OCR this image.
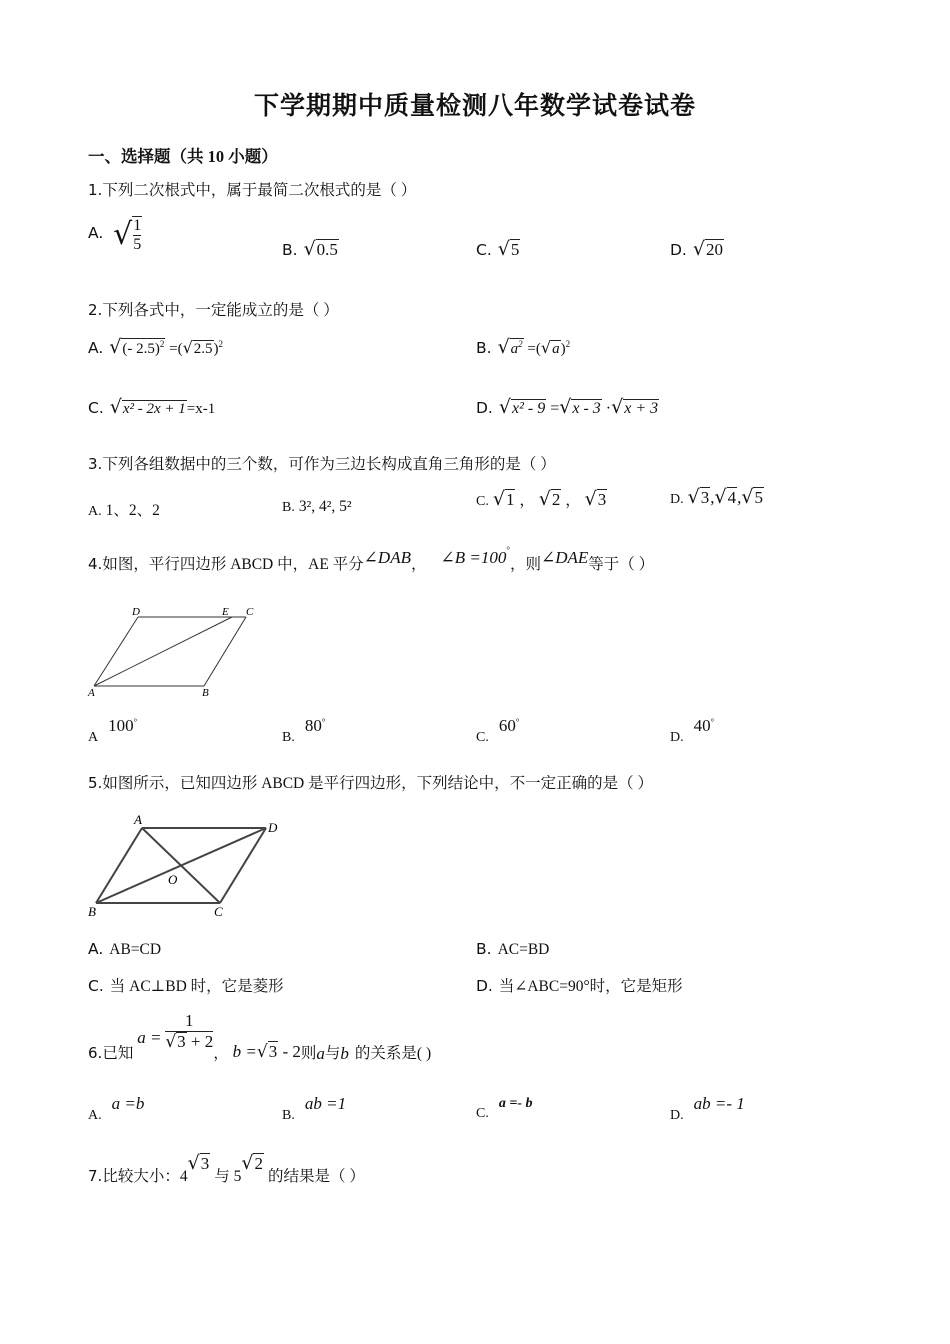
下学期期中质量检测八年数学试卷试卷
一、选择题（共 10 小题）
1.下列二次根式中，属于最简二次根式的是（ ）
A. √ $\frac{1}{5}$	B. √0.5	C. √5	D. √20
2.下列各式中，一定能成立的是（ ）
A. √(- $2.5)^2 =(√2.5)^2$	B. $√a^2 =(√a)^2$
C. √x² - 2x + 1=x-1	D. √x² - 9 =√x - 3 ·√x + 3
3.下列各组数据中的三个数，可作为三边长构成直角三角形的是（ ）
A. 1、2、2	B. 3², 4², 5²	C. √1 ， √2 ， √3	D. √3,√4,√5
4.如图，平行四边形 ABCD 中，AE 平分∠DAB， ∠B =100°，则∠DAE等于（ ）
D	E C
A	B
A100°
B.80°
C.60°
D.40°
5.如图所示，已知四边形 ABCD 是平行四边形，下列结论中，不一定正确的是（ ）
A
D
O
B	C
A. AB=CD	B. AC=BD
C. 当 AC⊥BD 时，它是菱形	D. 当∠ABC=90°时，它是矩形
6.已知 $a = \frac{1}{√3 + 2}$
， b =√3 - 2则a与b 的关系是( )
A.a =b
B.ab =1
C.a =- b
D.ab =- 1
7.比较大小：4√3与 5√2的结果是（ ）
